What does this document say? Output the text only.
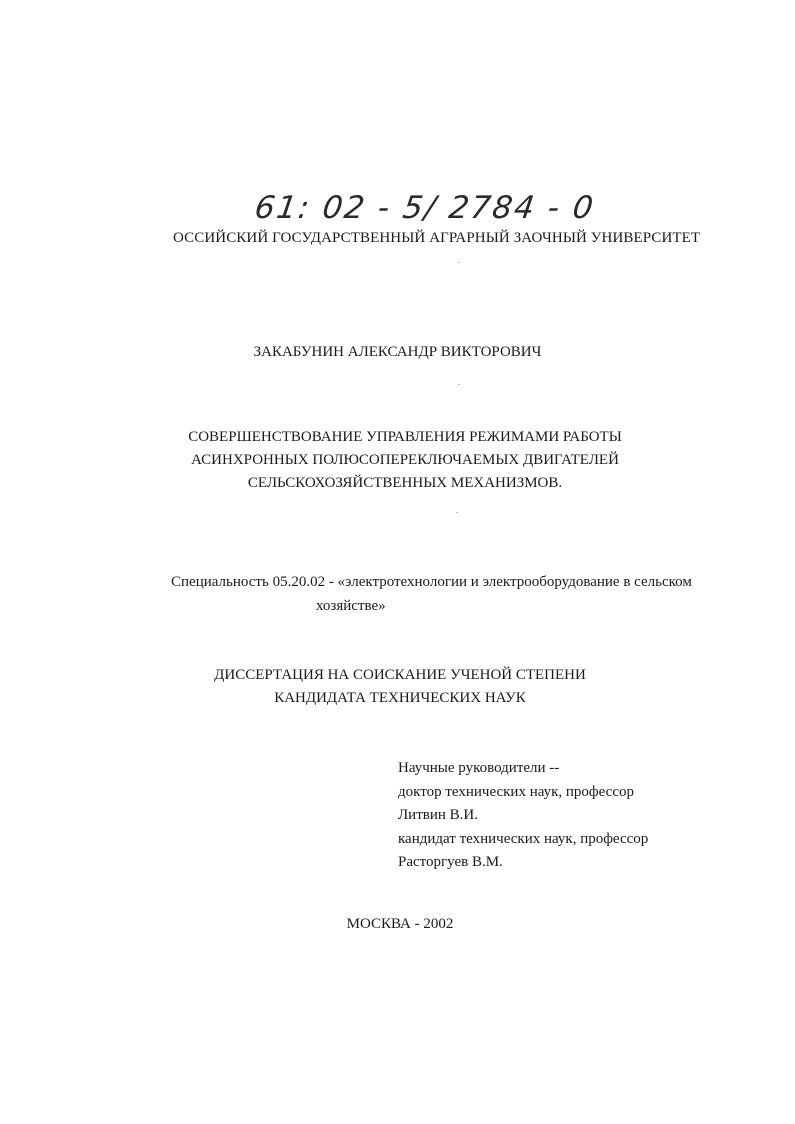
61: 02 - 5/ 2784 - 0
ОССИЙСКИЙ ГОСУДАРСТВЕННЫЙ АГРАРНЫЙ ЗАОЧНЫЙ УНИВЕРСИТЕТ
ЗАКАБУНИН АЛЕКСАНДР ВИКТОРОВИЧ
СОВЕРШЕНСТВОВАНИЕ УПРАВЛЕНИЯ РЕЖИМАМИ РАБОТЫ
АСИНХРОННЫХ ПОЛЮСОПЕРЕКЛЮЧАЕМЫХ ДВИГАТЕЛЕЙ
СЕЛЬСКОХОЗЯЙСТВЕННЫХ МЕХАНИЗМОВ.
Специальность 05.20.02 - «электротехнологии и электрооборудование в сельском
хозяйстве»
ДИССЕРТАЦИЯ НА СОИСКАНИЕ УЧЕНОЙ СТЕПЕНИ
КАНДИДАТА ТЕХНИЧЕСКИХ НАУК
Научные руководители --
доктор технических наук, профессор
Литвин В.И.
кандидат технических наук, профессор
Расторгуев В.М.
МОСКВА - 2002
